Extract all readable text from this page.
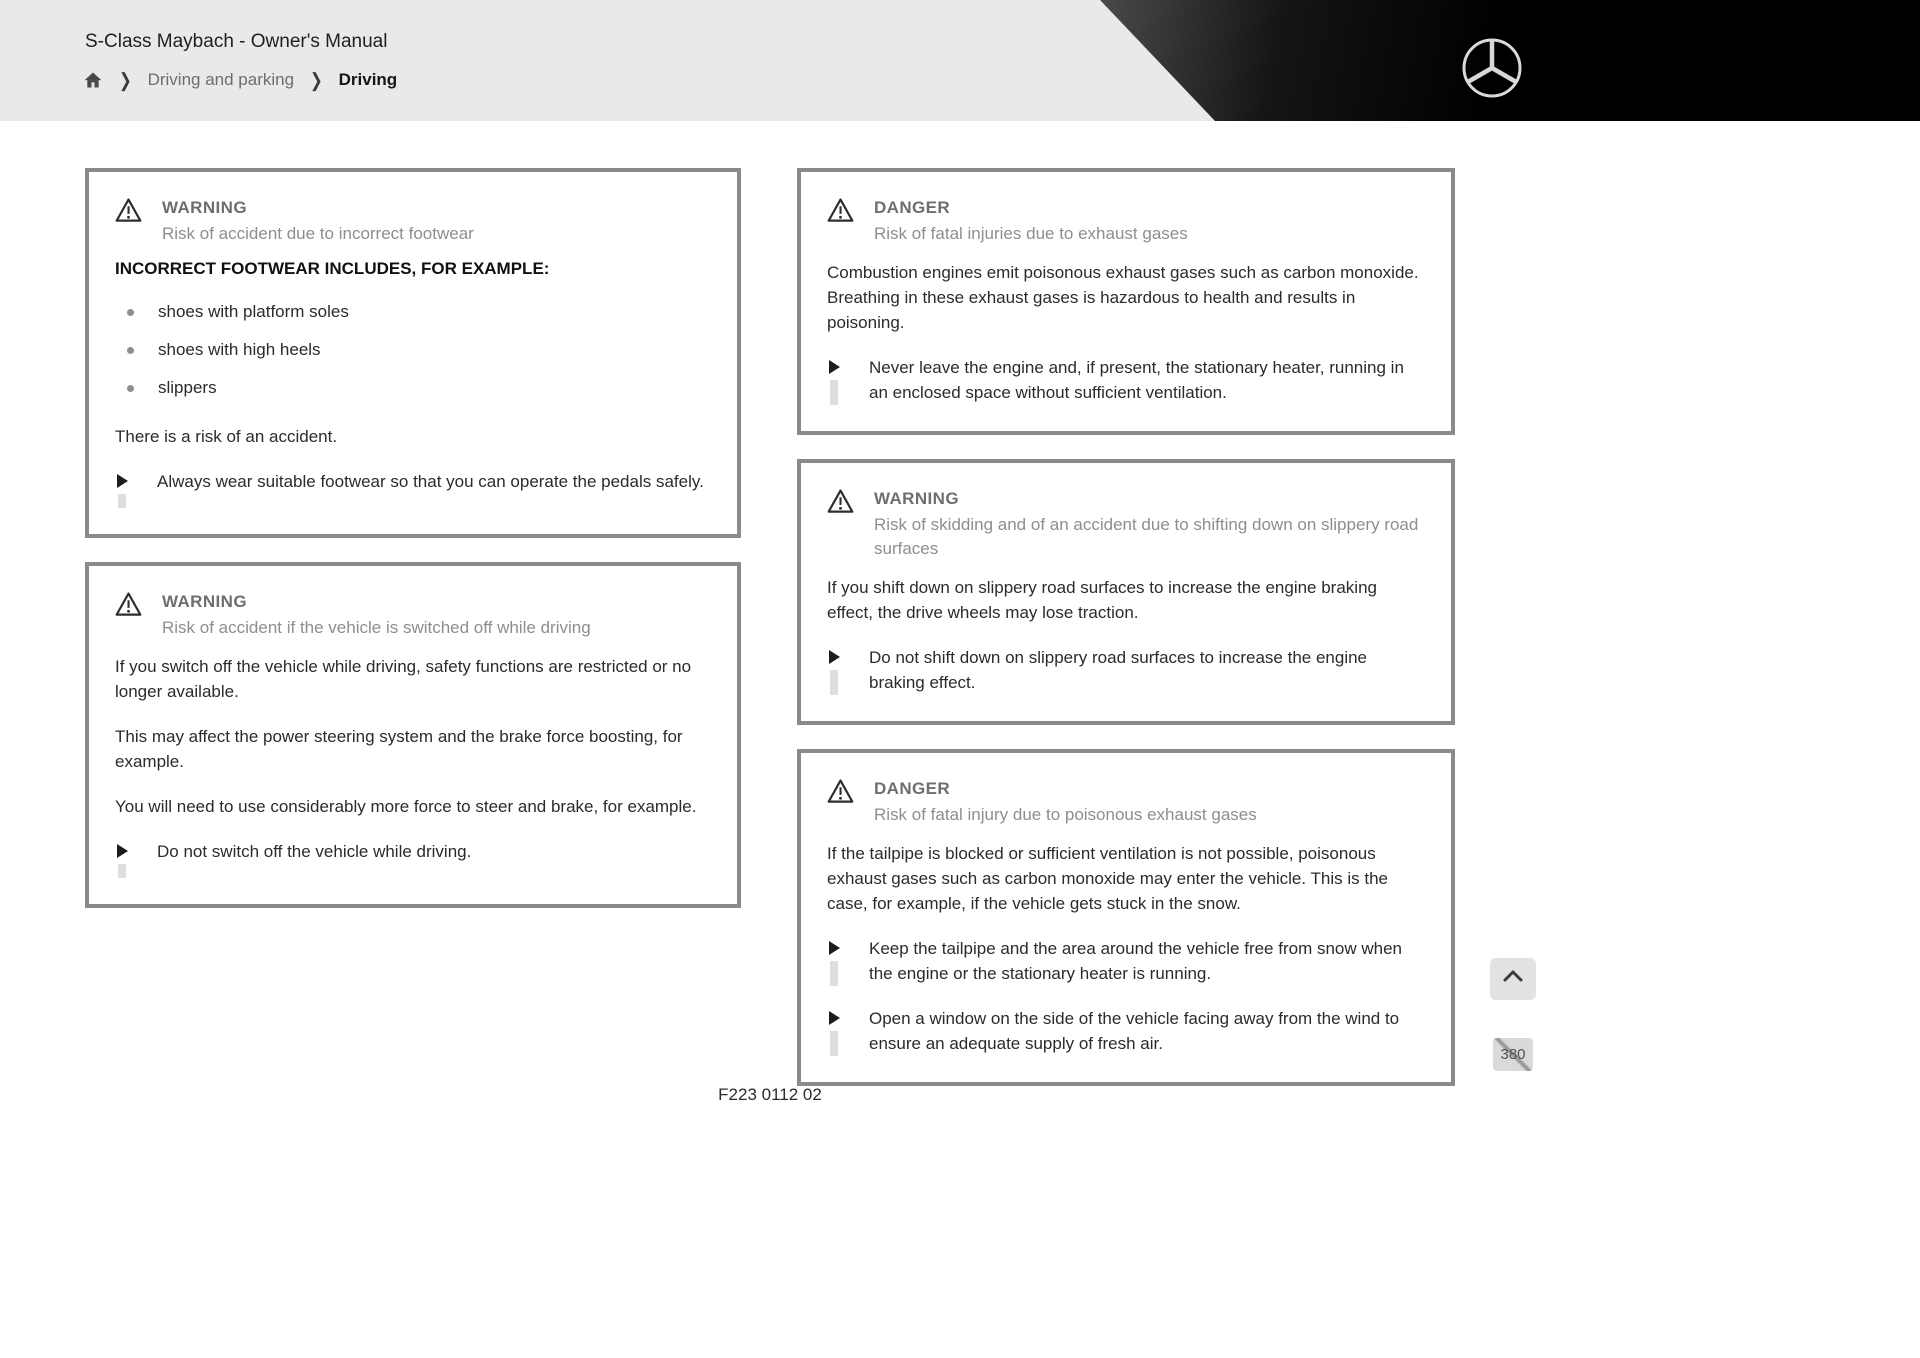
S-Class Maybach - Owner's Manual
❯ Driving and parking ❯ Driving
WARNING
Risk of accident due to incorrect footwear
INCORRECT FOOTWEAR INCLUDES, FOR EXAMPLE:
shoes with platform soles
shoes with high heels
slippers

There is a risk of an accident.

Always wear suitable footwear so that you can operate the pedals safely.
WARNING
Risk of accident if the vehicle is switched off while driving

If you switch off the vehicle while driving, safety functions are restricted or no longer available.

This may affect the power steering system and the brake force boosting, for example.

You will need to use considerably more force to steer and brake, for example.

Do not switch off the vehicle while driving.
DANGER
Risk of fatal injuries due to exhaust gases

Combustion engines emit poisonous exhaust gases such as carbon monoxide. Breathing in these exhaust gases is hazardous to health and results in poisoning.

Never leave the engine and, if present, the stationary heater, running in an enclosed space without sufficient ventilation.
WARNING
Risk of skidding and of an accident due to shifting down on slippery road surfaces

If you shift down on slippery road surfaces to increase the engine braking effect, the drive wheels may lose traction.

Do not shift down on slippery road surfaces to increase the engine braking effect.
DANGER
Risk of fatal injury due to poisonous exhaust gases

If the tailpipe is blocked or sufficient ventilation is not possible, poisonous exhaust gases such as carbon monoxide may enter the vehicle. This is the case, for example, if the vehicle gets stuck in the snow.

Keep the tailpipe and the area around the vehicle free from snow when the engine or the stationary heater is running.
Open a window on the side of the vehicle facing away from the wind to ensure an adequate supply of fresh air.
F223 0112 02
380
